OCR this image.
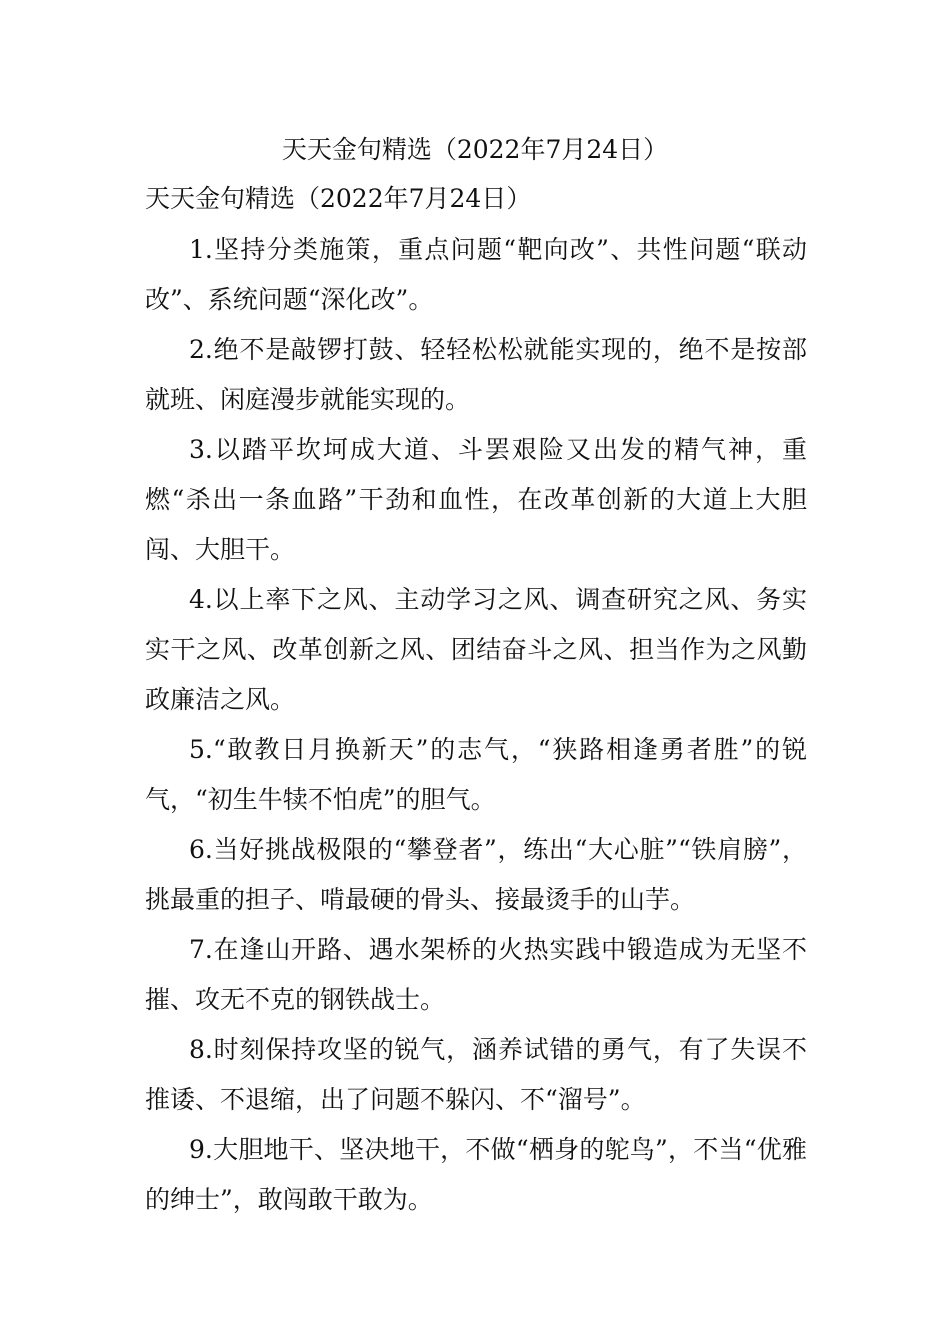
天天金句精选（2022年7月24日）

天天金句精选（2022年7月24日）

1.坚持分类施策，重点问题“靶向改”、共性问题“联动改”、系统问题“深化改”。
2.绝不是敲锣打鼓、轻轻松松就能实现的，绝不是按部就班、闲庭漫步就能实现的。
3.以踏平坎坷成大道、斗罢艰险又出发的精气神，重燃“杀出一条血路”干劲和血性，在改革创新的大道上大胆闯、大胆干。
4.以上率下之风、主动学习之风、调查研究之风、务实实干之风、改革创新之风、团结奋斗之风、担当作为之风勤政廉洁之风。
5.“敢教日月换新天”的志气，“狭路相逢勇者胜”的锐气，“初生牛犊不怕虎”的胆气。
6.当好挑战极限的“攀登者”，练出“大心脏”“铁肩膀”，挑最重的担子、啃最硬的骨头、接最烫手的山芋。
7.在逢山开路、遇水架桥的火热实践中锻造成为无坚不摧、攻无不克的钢铁战士。
8.时刻保持攻坚的锐气，涵养试错的勇气，有了失误不推诿、不退缩，出了问题不躲闪、不“溜号”。
9.大胆地干、坚决地干，不做“栖身的鸵鸟”，不当“优雅的绅士”，敢闯敢干敢为。
